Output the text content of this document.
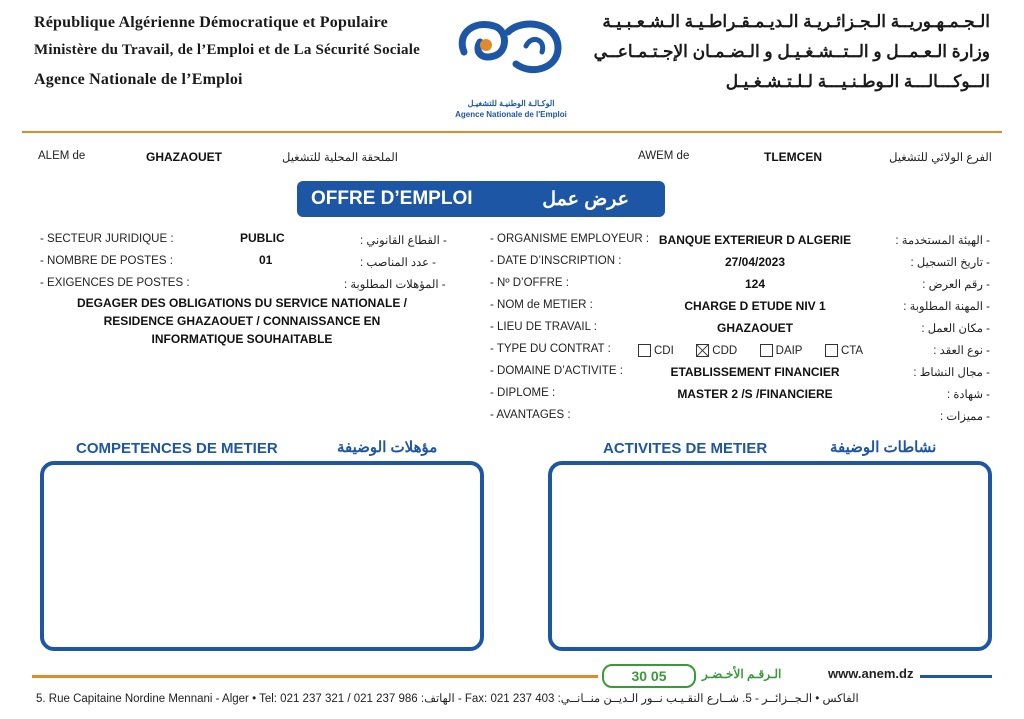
République Algérienne Démocratique et Populaire
Ministère du Travail, de l’Emploi et de La Sécurité Sociale
Agence Nationale de l’Emploi
الوكـالـة الوطنيـة للتشغيـل
Agence Nationale de l'Emploi
الـجـمـهـوريــة الـجـزائـريـة الـديـمـقـراطـيـة الـشـعـبـيـة
وزارة الـعـمــل و الــتــشـغـيـل و الـضـمـان الإجـتـمـاعــي
الــوكـــالـــة الـوطـنـيـــة لـلـتـشـغـيـل
ALEM de	GHAZAOUET	الملحقة المحلية للتشغيل	AWEM de	TLEMCEN	الفرع الولائي للتشغيل
OFFRE D’EMPLOI	عرض عمل
- SECTEUR JURIDIQUE :	PUBLIC	- القطاع القانوني :
- NOMBRE DE POSTES :	01	- عدد المناصب :
- EXIGENCES DE POSTES :	- المؤهلات المطلوبة :
DEGAGER DES OBLIGATIONS DU SERVICE NATIONALE /
RESIDENCE GHAZAOUET / CONNAISSANCE EN
INFORMATIQUE SOUHAITABLE
- ORGANISME EMPLOYEUR : BANQUE EXTERIEUR D ALGERIE	- الهيئة المستخدمة :
- DATE D’INSCRIPTION :	27/04/2023	- تاريخ التسجيل :
- Nº D’OFFRE :	124	- رقم العرض :
- NOM de METIER :	CHARGE D ETUDE NIV 1	- المهنة المطلوبة :
- LIEU DE TRAVAIL :	GHAZAOUET	- مكان العمل :
- TYPE DU CONTRAT :	CDI	CDD	DAIP	CTA	- نوع العقد :
- DOMAINE D’ACTIVITE :	ETABLISSEMENT FINANCIER	- مجال النشاط :
- DIPLOME :	MASTER 2 /S /FINANCIERE	- شهادة :
- AVANTAGES :	- مميزات :
COMPETENCES DE METIER	مؤهلات الوضيفة	ACTIVITES DE METIER	نشاطات الوضيفة
30 05	الـرقـم الأخـضـر	www.anem.dz
5. Rue Capitaine Nordine Mennani - Alger • Tel: 021 237 321 / 021 237 986 :الهاتف - Fax: 021 237 403 :الفاكس • الـجــزائــر - 5. شــارع النقـيـب نــور الـديــن منــانــي
